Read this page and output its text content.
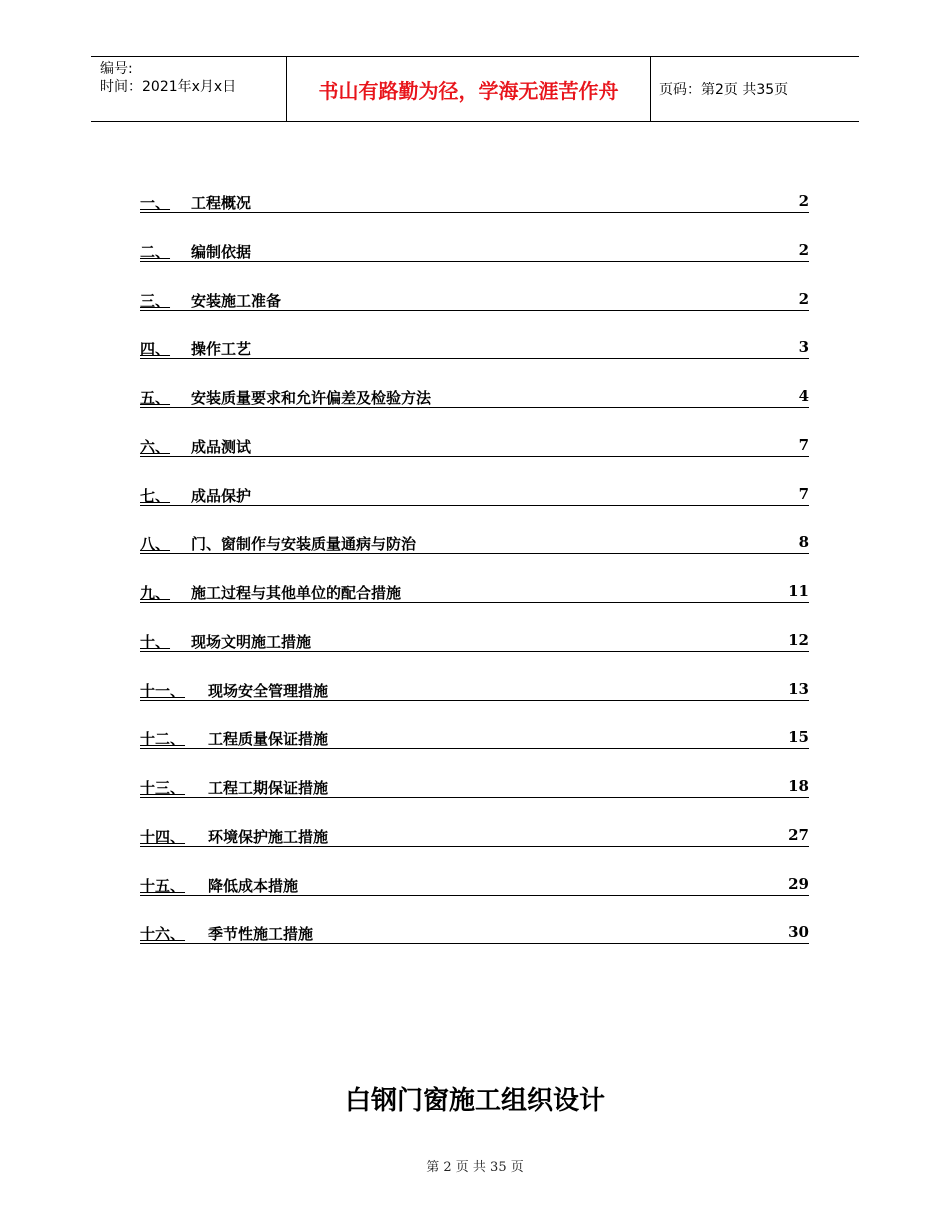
编号:
时间：2021年x月x日	书山有路勤为径，学海无涯苦作舟	页码：第2页 共35页
一、 工程概况	2
二、 编制依据	2
三、 安装施工准备	2
四、 操作工艺	3
五、 安装质量要求和允许偏差及检验方法	4
六、 成品测试	7
七、 成品保护	7
八、 门、窗制作与安装质量通病与防治	8
九、 施工过程与其他单位的配合措施	11
十、 现场文明施工措施	12
十一、 现场安全管理措施	13
十二、 工程质量保证措施	15
十三、 工程工期保证措施	18
十四、 环境保护施工措施	27
十五、 降低成本措施	29
十六、 季节性施工措施	30
白钢门窗施工组织设计
第 2 页 共 35 页
